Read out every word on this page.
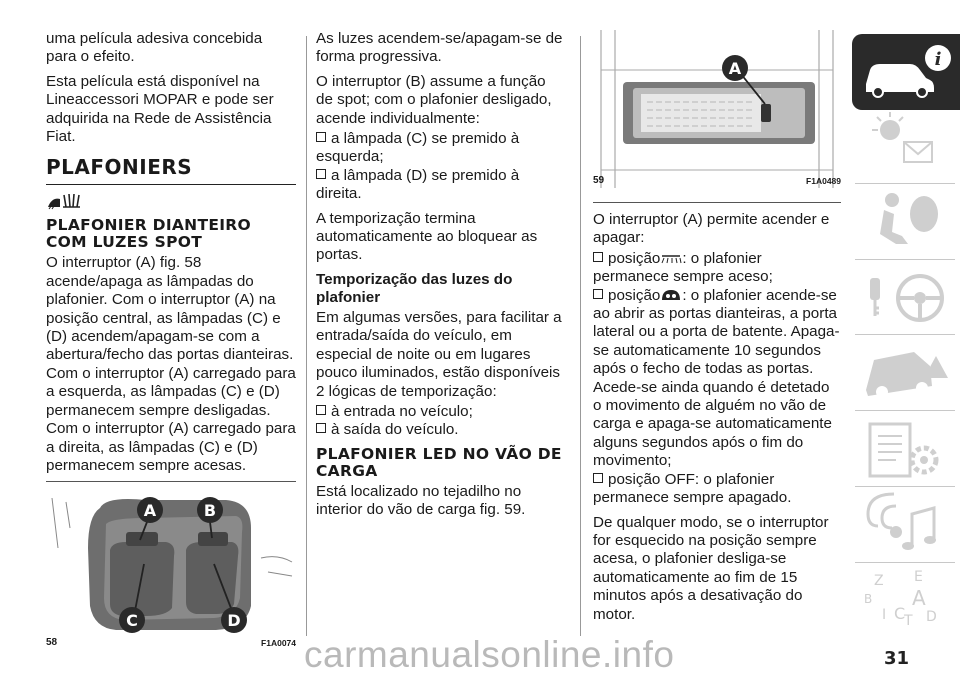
uma película adesiva concebida para o efeito.

Esta película está disponível na Lineaccessori MOPAR e pode ser adquirida na Rede de Assistência Fiat.

PLAFONIERS
PLAFONIER DIANTEIRO COM LUZES SPOT

O interruptor (A) fig. 58 acende/apaga as lâmpadas do plafonier. Com o interruptor (A) na posição central, as lâmpadas (C) e (D) acendem/apagam-se com a abertura/fecho das portas dianteiras. Com o interruptor (A) carregado para a esquerda, as lâmpadas (C) e (D) permanecem sempre desligadas. Com o interruptor (A) carregado para a direita, as lâmpadas (C) e (D) permanecem sempre acesas.

A	B
C	D
58	F1A0074

As luzes acendem-se/apagam-se de forma progressiva.

O interruptor (B) assume a função de spot; com o plafonier desligado, acende individualmente:

a lâmpada (C) se premido à esquerda;
a lâmpada (D) se premido à direita.

A temporização termina automaticamente ao bloquear as portas.

Temporização das luzes do plafonier

Em algumas versões, para facilitar a entrada/saída do veículo, em especial de noite ou em lugares pouco iluminados, estão disponíveis 2 lógicas de temporização:

à entrada no veículo;
à saída do veículo.
PLAFONIER LED NO VÃO DE CARGA

Está localizado no tejadilho no interior do vão de carga fig. 59.

A
59	F1A0489

O interruptor (A) permite acender e apagar:

posição : o plafonier permanece sempre aceso;
posição : o plafonier acende-se ao abrir as portas dianteiras, a porta lateral ou a porta de batente. Apaga-se automaticamente 10 segundos após o fecho de todas as portas. Acede-se ainda quando é detetado o movimento de alguém no vão de carga e apaga-se automaticamente alguns segundos após o fim do movimento;
posição OFF: o plafonier permanece sempre apagado.

De qualquer modo, se o interruptor for esquecido na posição sempre acesa, o plafonier desliga-se automaticamente ao fim de 15 minutos após a desativação do motor.

i
Z E
B A
I C
T D
carmanualsonline.info	31
